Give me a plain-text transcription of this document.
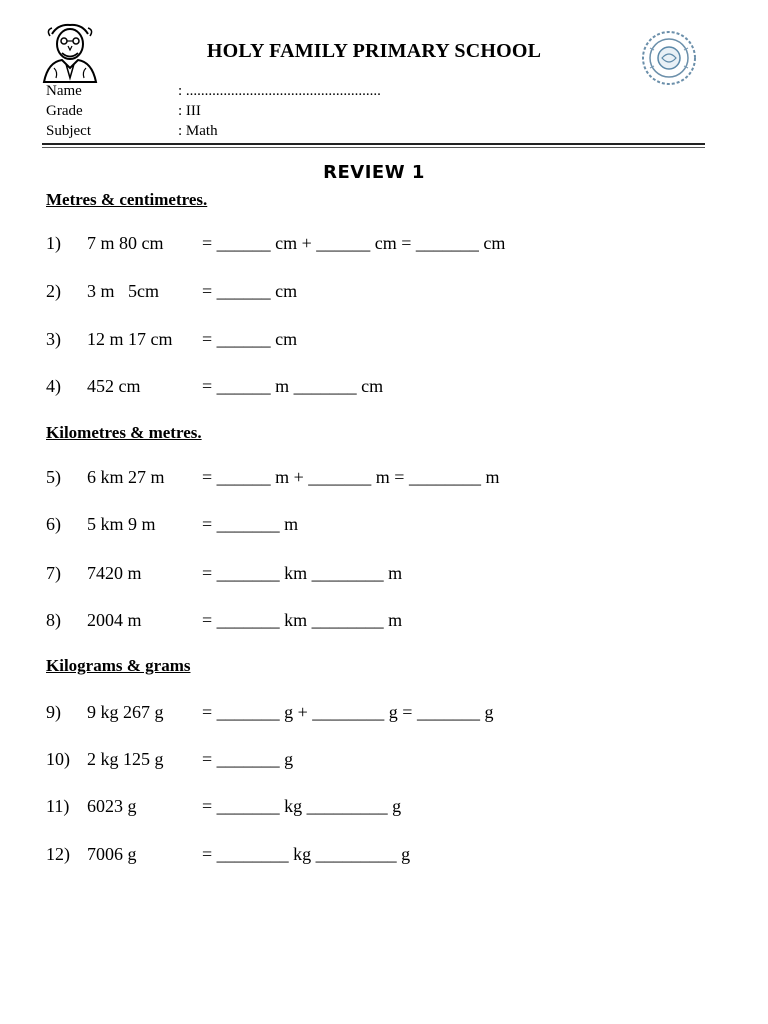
HOLY FAMILY PRIMARY SCHOOL
Name	: ....................................................
Grade	: III
Subject	: Math
REVIEW 1
Metres & centimetres.
1) 7 m 80 cm = ______ cm + ______ cm = _______ cm
2) 3 m   5cm = ______ cm
3) 12 m 17 cm = ______ cm
4) 452 cm	= ______ m _______ cm
Kilometres & metres.
5) 6 km 27 m = ______ m + _______ m = ________ m
6) 5 km 9 m	= _______ m
7) 7420 m	= _______ km ________ m
8) 2004 m	= _______ km ________ m
Kilograms & grams
9) 9 kg 267 g = _______ g + ________ g = _______ g
10) 2 kg 125 g = _______ g
11) 6023 g	= _______ kg _________ g
12) 7006 g	= ________ kg _________ g
